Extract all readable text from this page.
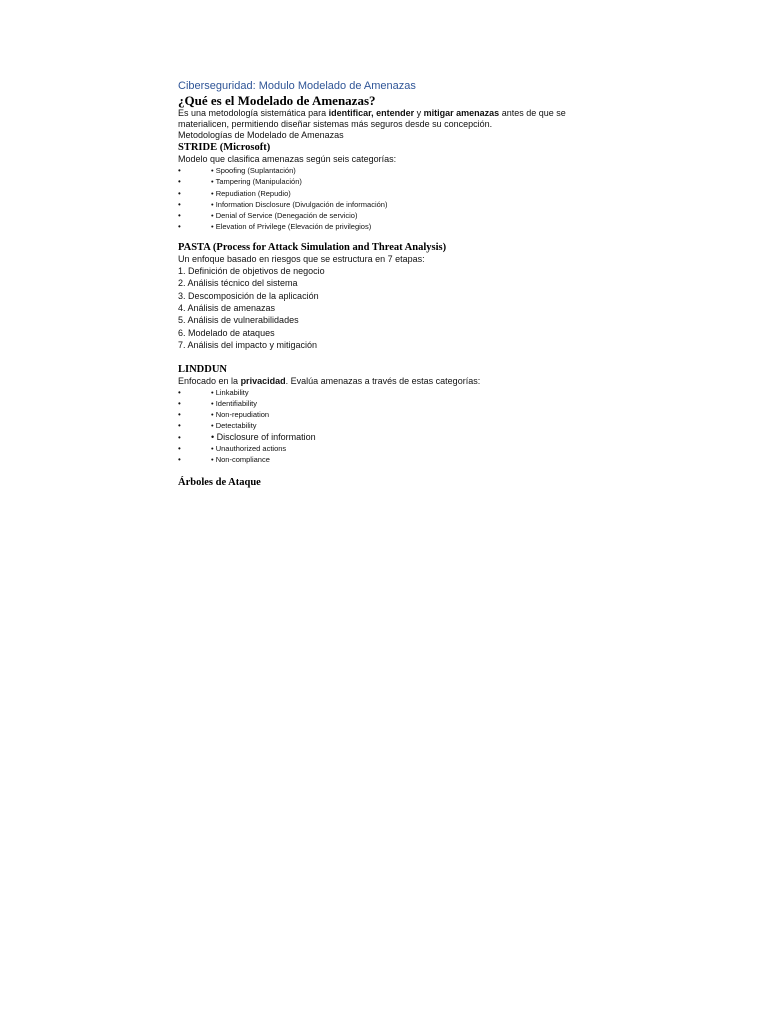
Ciberseguridad: Modulo Modelado de Amenazas

¿Qué es el Modelado de Amenazas?

Es una metodología sistemática para identificar, entender y mitigar amenazas antes de que se

materialicen, permitiendo diseñar sistemas más seguros desde su concepción.

Metodologías de Modelado de Amenazas

STRIDE (Microsoft)

Modelo que clasifica amenazas según seis categorías:

•	• Spoofing (Suplantación)
•	• Tampering (Manipulación)
•	• Repudiation (Repudio)
•	• Information Disclosure (Divulgación de información)
•	• Denial of Service (Denegación de servicio)
•	• Elevation of Privilege (Elevación de privilegios)

PASTA (Process for Attack Simulation and Threat Analysis)

Un enfoque basado en riesgos que se estructura en 7 etapas:

1. Definición de objetivos de negocio
2. Análisis técnico del sistema
3. Descomposición de la aplicación
4. Análisis de amenazas
5. Análisis de vulnerabilidades
6. Modelado de ataques
7. Análisis del impacto y mitigación

LINDDUN

Enfocado en la privacidad. Evalúa amenazas a través de estas categorías:

•	• Linkability
•	• Identifiability
•	• Non-repudiation
•	• Detectability
•	• Disclosure of information
•	• Unauthorized actions
•	• Non-compliance

Árboles de Ataque
